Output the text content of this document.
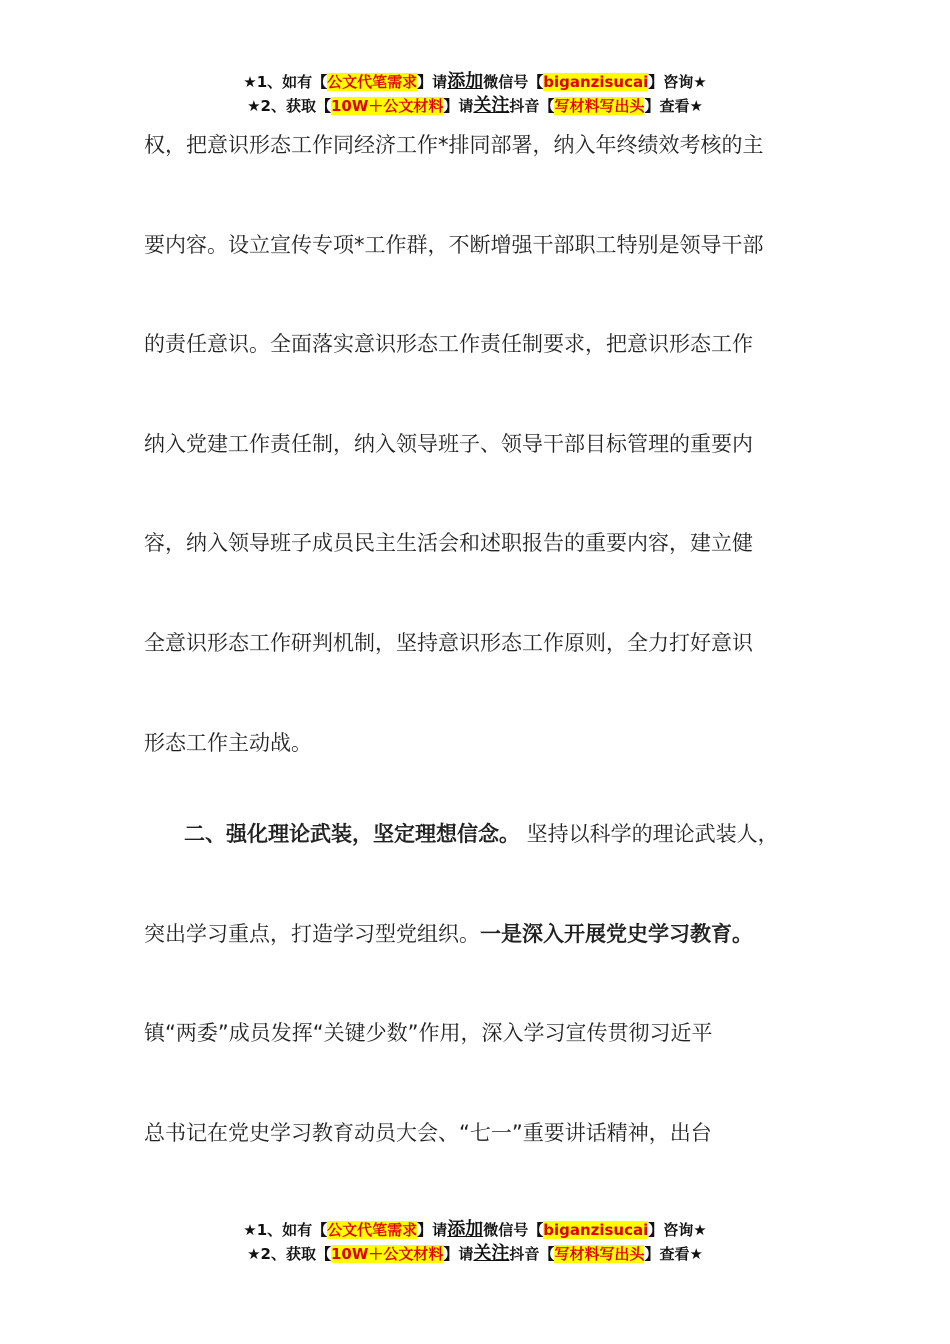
★1、如有【公文代笔需求】请添加微信号【biganzisucai】咨询★
★2、获取【10W＋公文材料】请关注抖音【写材料写出头】查看★
权，把意识形态工作同经济工作*排同部署，纳入年终绩效考核的主
要内容。设立宣传专项*工作群，不断增强干部职工特别是领导干部
的责任意识。全面落实意识形态工作责任制要求，把意识形态工作
纳入党建工作责任制，纳入领导班子、领导干部目标管理的重要内
容，纳入领导班子成员民主生活会和述职报告的重要内容，建立健
全意识形态工作研判机制，坚持意识形态工作原则，全力打好意识
形态工作主动战。
二、强化理论武装，坚定理想信念。 坚持以科学的理论武装人，
突出学习重点，打造学习型党组织。一是深入开展党史学习教育。
镇“两委”成员发挥“关键少数”作用，深入学习宣传贯彻习近平
总书记在党史学习教育动员大会、“七一”重要讲话精神，出台
★1、如有【公文代笔需求】请添加微信号【biganzisucai】咨询★
★2、获取【10W＋公文材料】请关注抖音【写材料写出头】查看★
